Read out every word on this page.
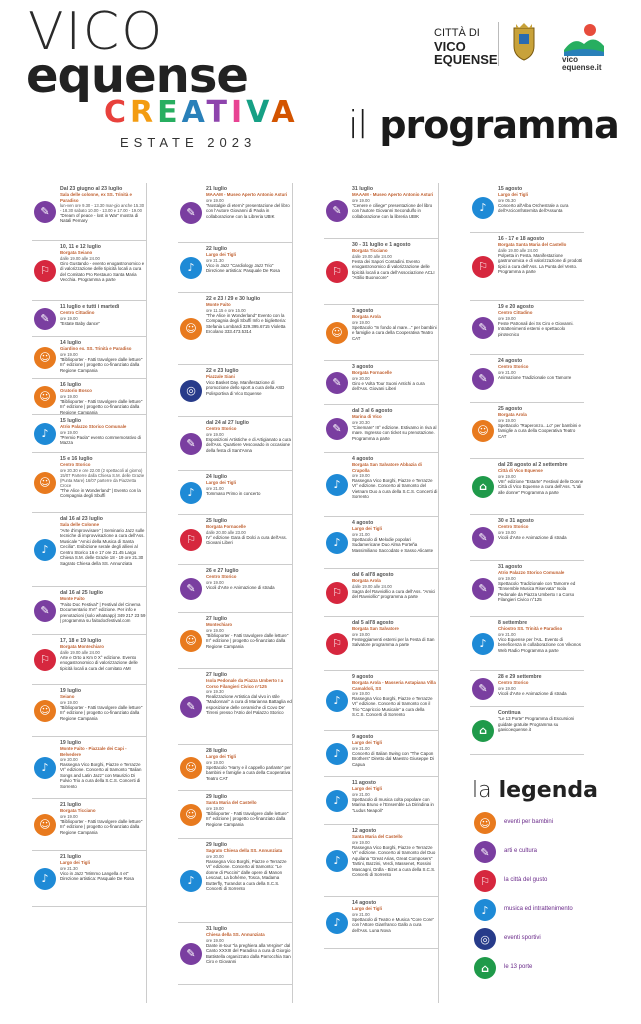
VICO
equense
CREATIVA
ESTATE 2023
CITTÀ DI
VICO EQUENSE	vico equense.it
il programma
✎
Dal 23 giugno al 23 luglio
Sala delle colonne, ex SS. Trinità e Paradiso
lun-ven ore 9.30 - 13.30 mar-gio anche 15.30 - 18.30 sabato 10.00 - 13.00 e 17.00 - 19.00
"Dream of peace - lost in War" mostra di Natali Pemary
⚐
10, 11 e 12 luglio
Borgata Seiano
dalle 19.00 alle 24.00
Giro Gustando - evento enogastronomico e di valorizzazione delle tipicità locali a cura del Comitato Pro Restauro Santa Maria Vecchia. Programma a parte
✎
11 luglio e tutti i martedì
Centro Cittadino
ore 19.00
"Estate Baby dance"
☺
14 luglio
Giardino ex. SS. Trinità e Paradiso
ore 19.00
"Biblioporter - Fatti travolgere dalle letture" III° edizione | progetto co-finanziato dalla Regione Campania
☺
16 luglio
Oratorio Bosco
ore 19.00
"Biblioporter - Fatti travolgere dalle letture" III° edizione | progetto co-finanziato dalla Regione Campania
♪
15 luglio
Atrio Palazzo Storico Comunale
ore 19.00
"Premio Paola" evento commemorativo di Mazza
☺
15 e 16 luglio
Centro Storico
ore 20.30 e ore 22.00 (2 spettacoli al giorno) 15/07 Parterre dalla Chiesa S.M. delle Grazie (Punta Mare) 16/07 parterre da Piazzetta Croce
"The Alice in Wonderland" | Evento con la Compagnia degli Sbuffi
♪
dal 16 al 23 luglio
Sala delle Colonne
"Arte d'improvvisare" | Seminario Jazz sulle tecniche di improvvisazione a cura dell'Ass. Musicale "Amici della Musica di Santa Cecilia". Esibizione serale degli allievi al Centro Storico 16 e 17 ore 21.45 Largo Chiesa S.M. delle Grazie 18 - 19 ore 21.30 Sagrato Chiesa della SS. Annunziata
✎
dal 16 al 25 luglio
Monte Faito
"Faito Doc Festival" | Festival del Cinema Documentario XVI° edizione. Per info e prenotazioni (solo whatsapp) 349 217 23 59 | programma su faitodocfestival.com
⚐
17, 18 e 19 luglio
Borgata Montechiaro
dalle 19.00 alle 24.00
Arte e Orto a Km 0 X° edizione. Evento enogastronomico di valorizzazione delle tipicità locali a cura del comitato AMI
☺
19 luglio
Seiano
ore 19.00
"Biblioporter - Fatti travolgere dalle letture" III° edizione | progetto co-finanziato dalla Regione Campania
♪
19 luglio
Monte Faito - Piazzale dei Capi - Belvedere
ore 20.00
Rassegna Vico Borghi, Piazze e Terrazze VI° edizione. Concerto al tramonto "Italian Songs and Latin Jazz" con Maurizio Di Fulvio Trio a cura della S.C.S. Concerti di Sorrento
☺
21 luglio
Borgata Ticciano
ore 19.00
"Biblioporter - Fatti travolgere dalle letture" III° edizione | progetto co-finanziato dalla Regione Campania
♪
21 luglio
Largo dei Tigli
ore 21.30
Vico in Jazz "Mimmo Langella 4 et" Direzione artistica: Pasquale De Rosa
✎
21 luglio
MAAAM - Museo Aperto Antonio Asturi
ore 19.00
"Nostalgie di eterni" presentazione del libro con l'Autore Giovanni di Paola in collaborazione con la Libreria UBIK
♪
22 luglio
Largo dei Tigli
ore 21.30
Vico in Jazz "Cardiology Jazz Trio" Direzione artistica: Pasquale De Rosa
☺
22 e 23 / 29 e 30 luglio
Monte Faito
ore 11.15 e ore 15.00
"The Alice in Wonderland" Evento con la Compagnia degli Sbuffi Info e biglietteria: Stefania Lombardi 329.395.6715 Violetta Ercolano 333.473.5314
◎
22 e 23 luglio
Piazzale Siani
Vico Basket Day. Manifestazione di promozione dello sport a cura della ASD Polisportiva di Vico Equense
✎
dal 24 al 27 luglio
Centro Storico
ore 19.00
Esposizioni Artistiche e di Artigianato a cura dell'Ass. Quartiere Vescovado in occasione della festa di Sant'Anna
♪
24 luglio
Largo dei Tigli
ore 21.00
Tommaso Primo in concerto
⚐
25 luglio
Borgata Fornacelle
dalle 20.00 alle 23.00
IV° edizione Gara di Dolci a cura dell'Ass. Giovani Liberi
✎
26 e 27 luglio
Centro Storico
ore 19.00
Vicoli d'Arte e Animazione di strada
☺
27 luglio
Montechiaro
ore 19.00
"Biblioporter - Fatti travolgere dalle letture" III° edizione | progetto co-finanziato dalla Regione Campania
✎
27 luglio
Isola Pedonale da Piazza Umberto I a Corso Filangieri Civico n°125
ore 19.30
Realizzazione Artistica dal vivo in stile "Madonnari" a cura di Marianna Battaglia ed esposizione delle ceramiche di Covo De' Tirreni presso l'Atrio del Palazzo Storico
☺
28 luglio
Largo dei Tigli
ore 19.00
Spettacolo "Harry e il cappello parlante" per bambini e famiglie a cura della Cooperativa Teatro CAT
☺
29 luglio
Santa Maria del Castello
ore 19.00
"Biblioporter - Fatti travolgere dalle letture" III° edizione | progetto co-finanziato dalla Regione Campania
♪
29 luglio
Sagrato Chiesa della SS. Annunziata
ore 20.00
Rassegna Vico Borghi, Piazze e Terrazze VI° edizione. Concerto al tramonto: "Le donne di Puccini" dalle opere di Manon Lescaut, La bohème, Tosca, Madama Butterfly, Turandot a cura della S.C.S. Concerti di Sorrento
✎
31 luglio
Chiesa della SS. Annunziata
ore 19.00
Dante in-tour "la preghiera alla Vergine" dal Canto XXXIII del Paradiso a cura di Giorgio Battistella organizzato dalla Parrocchia San Ciro e Giovanni
✎
31 luglio
MAAAM - Museo Aperto Antonio Asturi
ore 19.00
"Cenere e ciliege" presentazione del libro con l'autore Giovanni Secondulfo in collaborazione con la libreria UBIK
⚐
30 - 31 luglio e 1 agosto
Borgata Ticciano
dalle 19.00 alle 24.00
Festa dei Sapori Contadini. Evento enogastronomico di valorizzazione delle tipicità locali a cura dell'Associazione ACLI "Attilio Buonocore"
☺
3 agosto
Borgata Arola
ore 19.00
Spettacolo "In fondo al mare..." per bambini e famiglie a cura della Cooperativa Teatro CAT
✎
3 agosto
Borgata Fornacelle
ore 20.00
Giro e Volta Tour Suoni Antichi a cura dell'Ass. Giovani Liberi
✎
dal 3 al 6 agosto
Marina di Vico
ore 20.30
"Cinemare" III° edizione. Estivamo in riva al mare. Ingresso con ticket su prenotazione. Programma a parte
♪
4 agosto
Borgata San Salvatore Abbazia di Crapolla
ore 19.00
Rassegna Vico Borghi, Piazze e Terrazze VI° edizione. Concerto al tramonto del Vietnam Duo a cura della S.C.S. Concerti di Sorrento
♪
4 agosto
Largo dei Tigli
ore 21.00
Spettacolo di Melodie popolari Sudamericane Duo Alma Porteña Massimiliano Saccodato e Sasso Alicante
⚐
dal 6 all'8 agosto
Borgata Arola
dalle 19.00 alle 24.00
Sagra del Ravviollio a cura dell'Ass. "Amici del Ravviollio" programma a parte
⚐
dal 5 all'8 agosto
Borgata San Salvatore
ore 19.00
Festeggiamenti esterni per la Festa di San Salvatore programma a parte
♪
9 agosto
Borgata Arola - Masseria Astapiana Villa Camaldoli, SS
ore 19.00
Rassegna Vico Borghi, Piazze e Terrazze VI° edizione. Concerto al tramonto con il Trio "Capriccio Musicale" a cura della S.C.S. Concerti di Sorrento
♪
9 agosto
Largo dei Tigli
ore 21.00
Concerto di Italian Swing con "The Capon Brothers" Diretto dal Maestro Giuseppe Di Capua
♪
11 agosto
Largo dei Tigli
ore 21.00
Spettacolo di musica colta popolare con Marina Bruno e l'Ensemble La Dirindina in "Ludus Neapoli"
♪
12 agosto
Santa Maria del Castello
ore 19.00
Rassegna Vico Borghi, Piazze e Terrazze VI° edizione. Concerto al tramonto del Duo Aquilana "Great Arias, Great Composers" Tartini, Bazzini, Verdi, Massenet, Rossini Mascagni, Drdla - Bizet a cura della S.C.S. Concerti di Sorrento
♪
14 agosto
Largo dei Tigli
ore 21.00
Spettacolo di Teatro e Musica "Core Core" con l'Attore Gianfranco Gallo a cura dell'Ass. Luna Nova
♪
15 agosto
Largo dei Tigli
ore 05.30
Concerto all'Alba Orchestrale a cura dell'Arciconfraternita dell'Assunta
⚐
16 - 17 e 18 agosto
Borgata Santa Maria del Castello
dalle 19.00 alle 24.00
Polpetta in Festa. Manifestazione gastronomica e di valorizzazione di prodotti tipici a cura dell'Ass. La Punta del Vento. Programma a parte
✎
19 e 20 agosto
Centro Cittadino
ore 19.00
Feste Patronali dei Ss Ciro e Giovanni. Intrattenimenti esterni e spettacolo pirotecnico
✎
24 agosto
Centro Storico
ore 21.00
Animazione Tradizionale con Tamorre
☺
25 agosto
Borgata Arola
ore 19.00
Spettacolo "Raperonzo...Lo" per bambini e famiglie a cura della Cooperativa Teatro CAT
⌂
dal 28 agosto al 2 settembre
Città di Vico Equense
ore 19.00
VIII° edizione "Estarte" Festival delle Donne Città di Vico Equense a cura dell'Ass. "L'ali alle donne" Programma a parte
✎
30 e 31 agosto
Centro Storico
ore 19.00
Vicoli d'Arte e Animazione di strada
✎
31 agosto
Atrio Palazzo Storico Comunale
ore 19.00
Spettacolo Tradizionale con Tamorre ed "Ensemble Musica Riservata" Isola Pedonale da Piazza Umberto I a Corso Filangieri Civico n°125
♪
8 settembre
Chiostro SS. Trinità e Paradiso
ore 21.00
Vico Equense per l'AIL. Evento di beneficenza in collaborazione con Vikonos Web Radio Programma a parte
✎
28 e 29 settembre
Centro Storico
ore 19.00
Vicoli d'Arte e Animazione di strada
⌂
Continua
"Le 13 Porte" Programma di Escursioni guidate gratuite Programma su gavicoequense.it
la legenda
☺	eventi per bambini
✎	arti e cultura
⚐	la città del gusto
♪	musica ed intrattenimento
◎	eventi sportivi
⌂	le 13 porte
